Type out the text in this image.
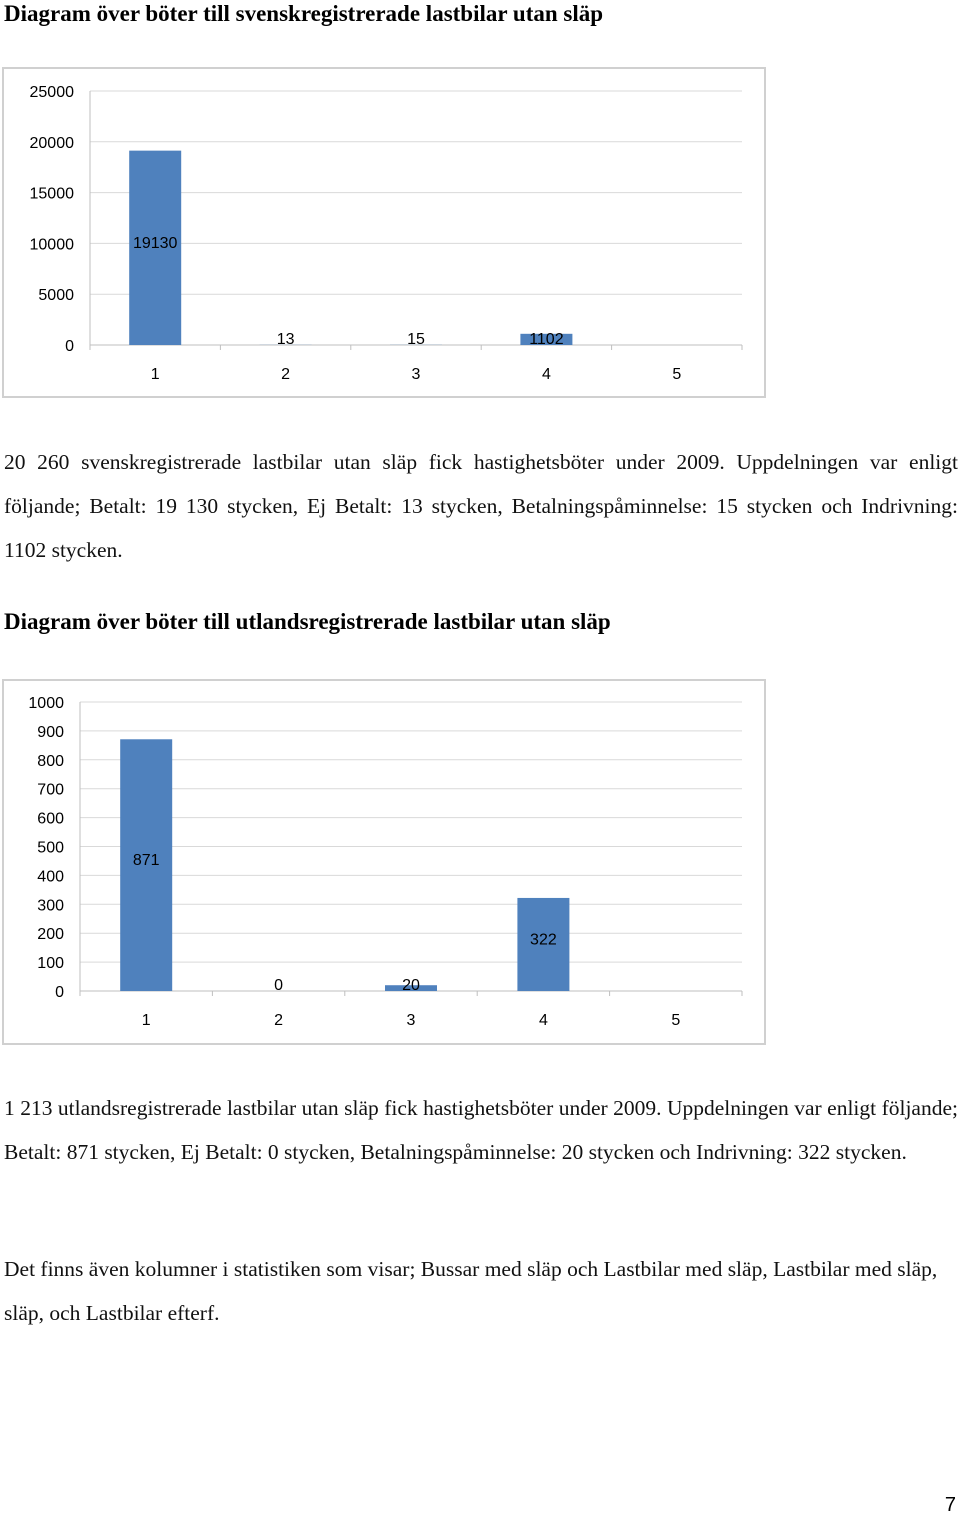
Diagram över böter till svenskregistrerade lastbilar utan släp
0
5000
10000
15000
20000
25000
19130
1
13
2
15
3
1102
4	5

20 260 svenskregistrerade lastbilar utan släp fick hastighetsböter under 2009. Uppdelningen var enligt följande; Betalt: 19 130 stycken, Ej Betalt: 13 stycken, Betalningspåminnelse: 15 stycken och Indrivning: 1102 stycken.

Diagram över böter till utlandsregistrerade lastbilar utan släp
0
100
200
300
400
500
600
700
800
900
1000
871
1
0
2
20
3
322
4	5

1 213 utlandsregistrerade lastbilar utan släp fick hastighetsböter under 2009. Uppdelningen var enligt följande; Betalt: 871 stycken, Ej Betalt: 0 stycken, Betalningspåminnelse: 20 stycken och Indrivning: 322 stycken.

Det finns även kolumner i statistiken som visar; Bussar med släp och Lastbilar med släp, Lastbilar med släp, släp, och Lastbilar efterf.

7
